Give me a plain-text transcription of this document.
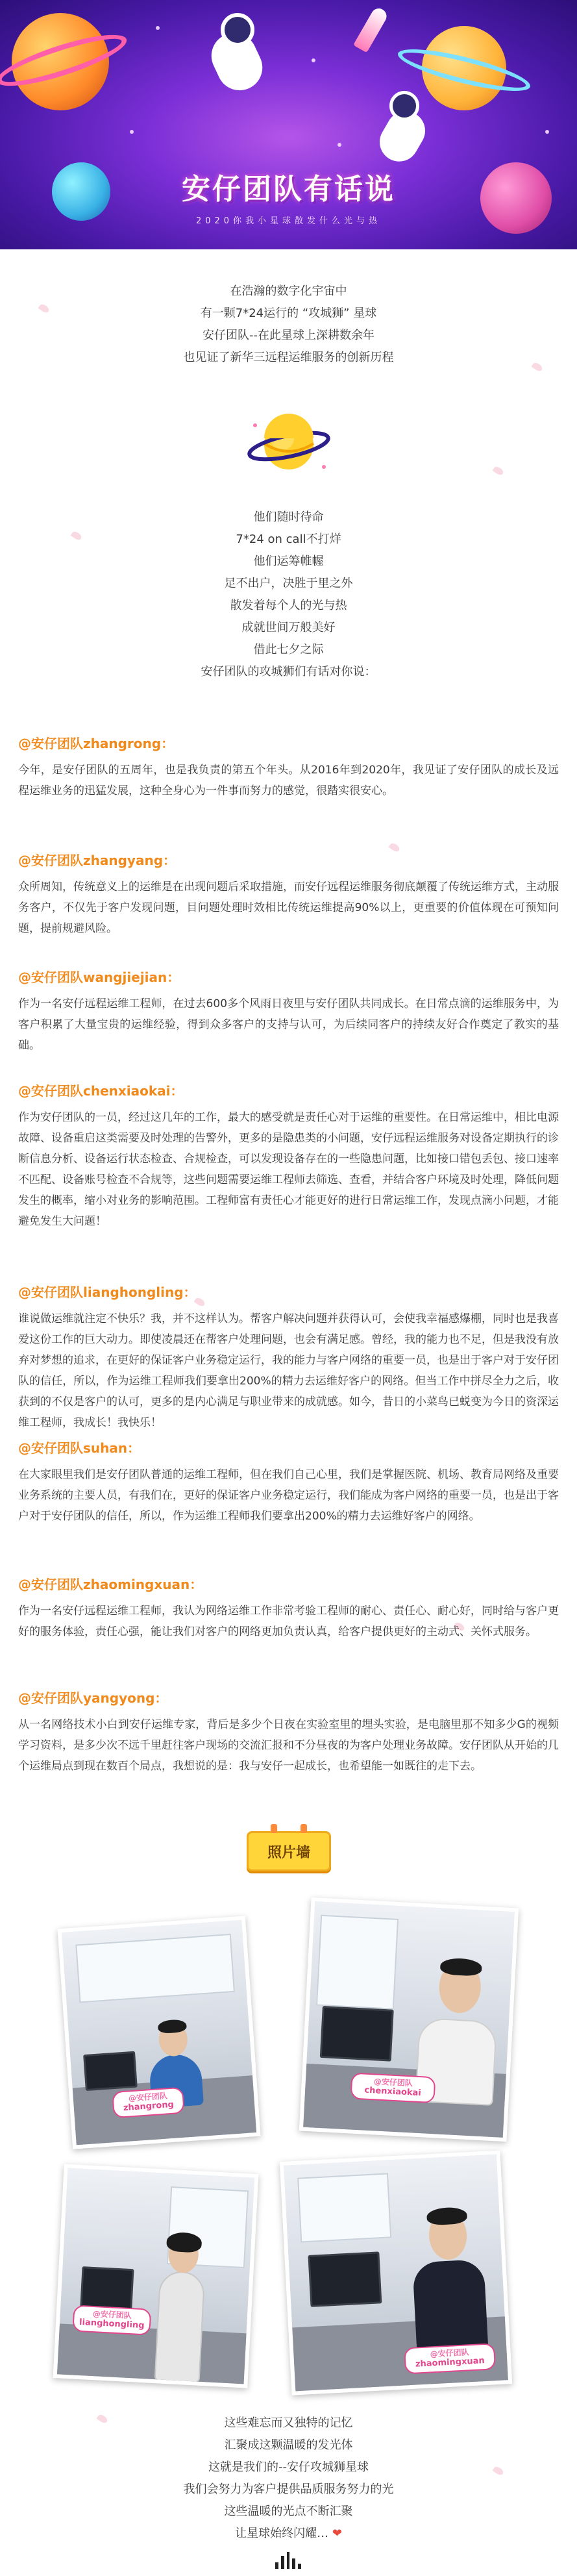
安仔团队有话说
2020你我小星球散发什么光与热
在浩瀚的数字化宇宙中
有一颗7*24运行的 “攻城狮” 星球
安仔团队--在此星球上深耕数余年
也见证了新华三远程运维服务的创新历程
他们随时待命
7*24 on call不打烊
他们运筹帷幄
足不出户，决胜于里之外
散发着每个人的光与热
成就世间万般美好
借此七夕之际
安仔团队的攻城狮们有话对你说：
@安仔团队zhangrong：
今年，是安仔团队的五周年，也是我负责的第五个年头。从2016年到2020年，我见证了安仔团队的成长及远程运维业务的迅猛发展，这种全身心为一件事而努力的感觉，很踏实很安心。
@安仔团队zhangyang：
众所周知，传统意义上的运维是在出现问题后采取措施，而安仔远程运维服务彻底颠覆了传统运维方式，主动服务客户，不仅先于客户发现问题，目问题处理时效相比传统运维提高90%以上，更重要的价值体现在可预知问题，提前规避风险。
@安仔团队wangjiejian：
作为一名安仔远程运维工程师，在过去600多个风雨日夜里与安仔团队共同成长。在日常点滴的运维服务中，为客户积累了大量宝贵的运维经验，得到众多客户的支持与认可，为后续同客户的持续友好合作奠定了教实的基础。
@安仔团队chenxiaokai：
作为安仔团队的一员，经过这几年的工作，最大的感受就是责任心对于运维的重要性。在日常运维中，相比电源故障、设备重启这类需要及时处理的告警外，更多的是隐患类的小问题，安仔远程运维服务对设备定期执行的诊断信息分析、设备运行状态检查、合规检查，可以发现设备存在的一些隐患问题，比如接口错包丢包、接口速率不匹配、设备账号检查不合规等，这些问题需要运维工程师去筛选、查看，并结合客户环境及时处理，降低问题发生的概率，缩小对业务的影响范围。工程师富有责任心才能更好的进行日常运维工作，发现点滴小问题，才能避免发生大问题！
@安仔团队lianghongling：
谁说做运维就注定不快乐？我，并不这样认为。帮客户解决问题并获得认可，会使我幸福感爆棚，同时也是我喜爱这份工作的巨大动力。即使凌晨还在帮客户处理问题，也会有满足感。曾经，我的能力也不足，但是我没有放弃对梦想的追求，在更好的保证客户业务稳定运行，我的能力与客户网络的重要一员，也是出于客户对于安仔团队的信任，所以，作为运维工程师我们要拿出200%的精力去运维好客户的网络。但当工作中拼尽全力之后，收获到的不仅是客户的认可，更多的是内心满足与职业带来的成就感。如今，昔日的小菜鸟已蜕变为今日的资深运维工程师，我成长！我快乐！
@安仔团队suhan：
在大家眼里我们是安仔团队普通的运维工程师，但在我们自己心里，我们是掌握医院、机场、教育局网络及重要业务系统的主要人员，有我们在，更好的保证客户业务稳定运行，我们能成为客户网络的重要一员，也是出于客户对于安仔团队的信任，所以，作为运维工程师我们要拿出200%的精力去运维好客户的网络。
@安仔团队zhaomingxuan：
作为一名安仔远程运维工程师，我认为网络运维工作非常考验工程师的耐心、责任心、耐心好，同时给与客户更好的服务体验，责任心强，能让我们对客户的网络更加负责认真，给客户提供更好的主动式、关怀式服务。
@安仔团队yangyong：
从一名网络技术小白到安仔运维专家，背后是多少个日夜在实验室里的埋头实验，是电脑里那不知多少G的视频学习资料，是多少次不远千里赶往客户现场的交流汇报和不分昼夜的为客户处理业务故障。安仔团队从开始的几个运维局点到现在数百个局点，我想说的是：我与安仔一起成长，也希望能一如既往的走下去。
照片墙
@安仔团队
zhangrong
@安仔团队
chenxiaokai
@安仔团队
lianghongling
@安仔团队
zhaomingxuan
这些难忘而又独特的记忆
汇聚成这颗温暖的发光体
这就是我们的--安仔攻城狮星球
我们会努力为客户提供品质服务努力的光
这些温暖的光点不断汇聚
让星球始终闪耀… ❤
